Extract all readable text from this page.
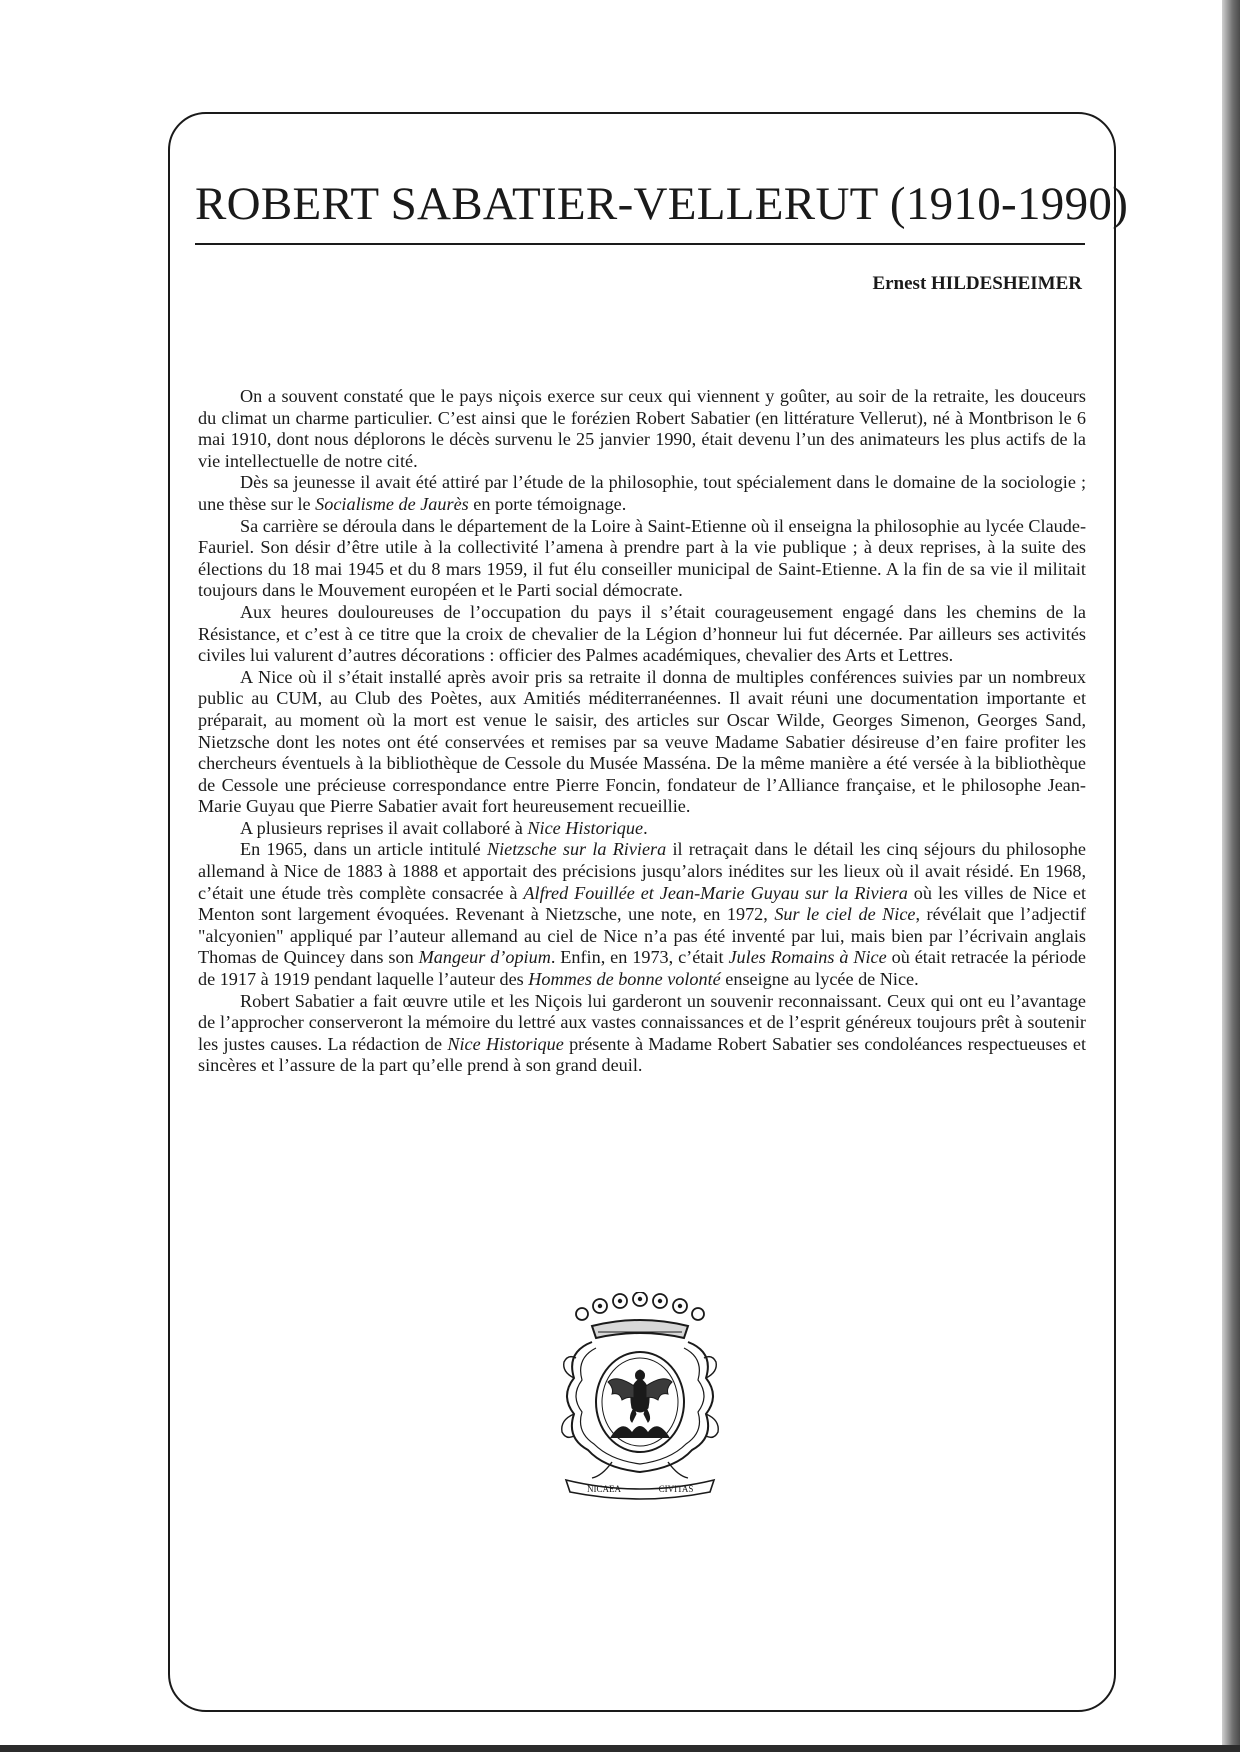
ROBERT SABATIER-VELLERUT (1910-1990)
Ernest HILDESHEIMER

On a souvent constaté que le pays niçois exerce sur ceux qui viennent y goûter, au soir de la retraite, les douceurs du climat un charme particulier. C’est ainsi que le forézien Robert Sabatier (en littérature Vellerut), né à Montbrison le 6 mai 1910, dont nous déplorons le décès survenu le 25 janvier 1990, était devenu l’un des animateurs les plus actifs de la vie intellectuelle de notre cité.

Dès sa jeunesse il avait été attiré par l’étude de la philosophie, tout spécialement dans le domaine de la sociologie ; une thèse sur le Socialisme de Jaurès en porte témoignage.

Sa carrière se déroula dans le département de la Loire à Saint-Etienne où il enseigna la philosophie au lycée Claude-Fauriel. Son désir d’être utile à la collectivité l’amena à prendre part à la vie publique ; à deux reprises, à la suite des élections du 18 mai 1945 et du 8 mars 1959, il fut élu conseiller municipal de Saint-Etienne. A la fin de sa vie il militait toujours dans le Mouvement européen et le Parti social démocrate.

Aux heures douloureuses de l’occupation du pays il s’était courageusement engagé dans les chemins de la Résistance, et c’est à ce titre que la croix de chevalier de la Légion d’honneur lui fut décernée. Par ailleurs ses activités civiles lui valurent d’autres décorations : officier des Palmes académiques, chevalier des Arts et Lettres.

A Nice où il s’était installé après avoir pris sa retraite il donna de multiples conférences suivies par un nombreux public au CUM, au Club des Poètes, aux Amitiés méditerranéennes. Il avait réuni une documentation importante et préparait, au moment où la mort est venue le saisir, des articles sur Oscar Wilde, Georges Simenon, Georges Sand, Nietzsche dont les notes ont été conservées et remises par sa veuve Madame Sabatier désireuse d’en faire profiter les chercheurs éventuels à la bibliothèque de Cessole du Musée Masséna. De la même manière a été versée à la bibliothèque de Cessole une précieuse correspondance entre Pierre Foncin, fondateur de l’Alliance française, et le philosophe Jean-Marie Guyau que Pierre Sabatier avait fort heureusement recueillie.

A plusieurs reprises il avait collaboré à Nice Historique.

En 1965, dans un article intitulé Nietzsche sur la Riviera il retraçait dans le détail les cinq séjours du philosophe allemand à Nice de 1883 à 1888 et apportait des précisions jusqu’alors inédites sur les lieux où il avait résidé. En 1968, c’était une étude très complète consacrée à Alfred Fouillée et Jean-Marie Guyau sur la Riviera où les villes de Nice et Menton sont largement évoquées. Revenant à Nietzsche, une note, en 1972, Sur le ciel de Nice, révélait que l’adjectif "alcyonien" appliqué par l’auteur allemand au ciel de Nice n’a pas été inventé par lui, mais bien par l’écrivain anglais Thomas de Quincey dans son Mangeur d’opium. Enfin, en 1973, c’était Jules Romains à Nice où était retracée la période de 1917 à 1919 pendant laquelle l’auteur des Hommes de bonne volonté enseigne au lycée de Nice.

Robert Sabatier a fait œuvre utile et les Niçois lui garderont un souvenir reconnaissant. Ceux qui ont eu l’avantage de l’approcher conserveront la mémoire du lettré aux vastes connaissances et de l’esprit généreux toujours prêt à soutenir les justes causes. La rédaction de Nice Historique présente à Madame Robert Sabatier ses condoléances respectueuses et sincères et l’assure de la part qu’elle prend à son grand deuil.

NICAEA	CIVITAS
